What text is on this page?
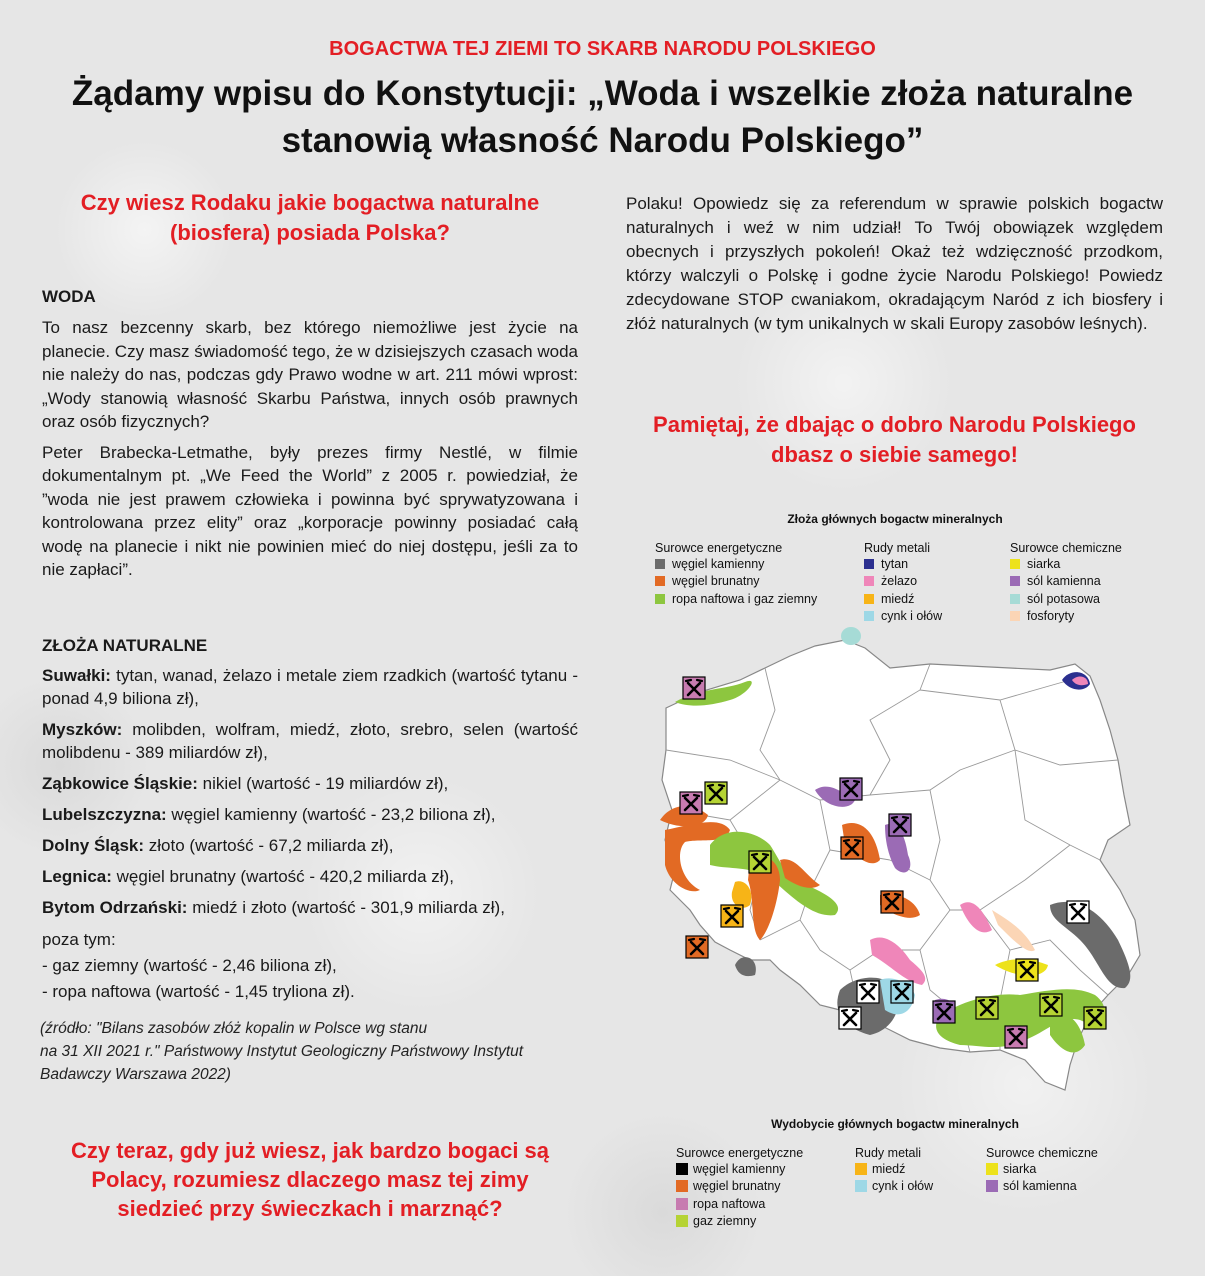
BOGACTWA TEJ ZIEMI TO SKARB NARODU POLSKIEGO
Żądamy wpisu do Konstytucji: „Woda i wszelkie złoża naturalne
stanowią własność Narodu Polskiego”
Czy wiesz Rodaku jakie bogactwa naturalne
(biosfera) posiada Polska?
WODA

To nasz bezcenny skarb, bez którego niemożliwe jest życie na planecie. Czy masz świadomość tego, że w dzisiejszych czasach woda nie należy do nas, podczas gdy Prawo wodne w art. 211 mówi wprost: „Wody stanowią własność Skarbu Państwa, innych osób prawnych oraz osób fizycznych?

Peter Brabecka-Letmathe, były prezes firmy Nestlé, w filmie dokumentalnym pt. „We Feed the World” z 2005 r. powiedział, że ”woda nie jest prawem człowieka i powinna być sprywatyzowana i kontrolowana przez elity” oraz „korporacje powinny posiadać całą wodę na planecie i nikt nie powinien mieć do niej dostępu, jeśli za to nie zapłaci”.

ZŁOŻA NATURALNE

Suwałki: tytan, wanad, żelazo i metale ziem rzadkich (wartość tytanu - ponad 4,9 biliona zł),

Myszków: molibden, wolfram, miedź, złoto, srebro, selen (wartość molibdenu - 389 miliardów zł),

Ząbkowice Śląskie: nikiel (wartość - 19 miliardów zł),

Lubelszczyzna: węgiel kamienny (wartość - 23,2 biliona zł),

Dolny Śląsk: złoto (wartość - 67,2 miliarda zł),

Legnica: węgiel brunatny (wartość - 420,2 miliarda zł),

Bytom Odrzański: miedź i złoto (wartość - 301,9 miliarda zł),

poza tym:
- gaz ziemny (wartość - 2,46 biliona zł),
- ropa naftowa (wartość - 1,45 tryliona zł).
(źródło: "Bilans zasobów złóż kopalin w Polsce wg stanu
na 31 XII 2021 r." Państwowy Instytut Geologiczny Państwowy Instytut
Badawczy Warszawa 2022)
Czy teraz, gdy już wiesz, jak bardzo bogaci są
Polacy, rozumiesz dlaczego masz tej zimy
siedzieć przy świeczkach i marznąć?
Polaku! Opowiedz się za referendum w sprawie polskich bogactw naturalnych i weź w nim udział! To Twój obowiązek względem obecnych i przyszłych pokoleń! Okaż też wdzięczność przodkom, którzy walczyli o Polskę i godne życie Narodu Polskiego! Powiedz zdecydowane STOP cwaniakom, okradającym Naród z ich biosfery i złóż naturalnych (w tym unikalnych w skali Europy zasobów leśnych).
Pamiętaj, że dbając o dobro Narodu Polskiego
dbasz o siebie samego!
Złoża głównych bogactw mineralnych
Surowce energetyczne
węgiel kamienny
węgiel brunatny
ropa naftowa i gaz ziemny
Rudy metali
tytan
żelazo
miedź
cynk i ołów
Surowce chemiczne
siarka
sól kamienna
sól potasowa
fosforyty
Wydobycie głównych bogactw mineralnych
Surowce energetyczne
węgiel kamienny
węgiel brunatny
ropa naftowa
gaz ziemny
Rudy metali
miedź
cynk i ołów
Surowce chemiczne
siarka
sól kamienna
